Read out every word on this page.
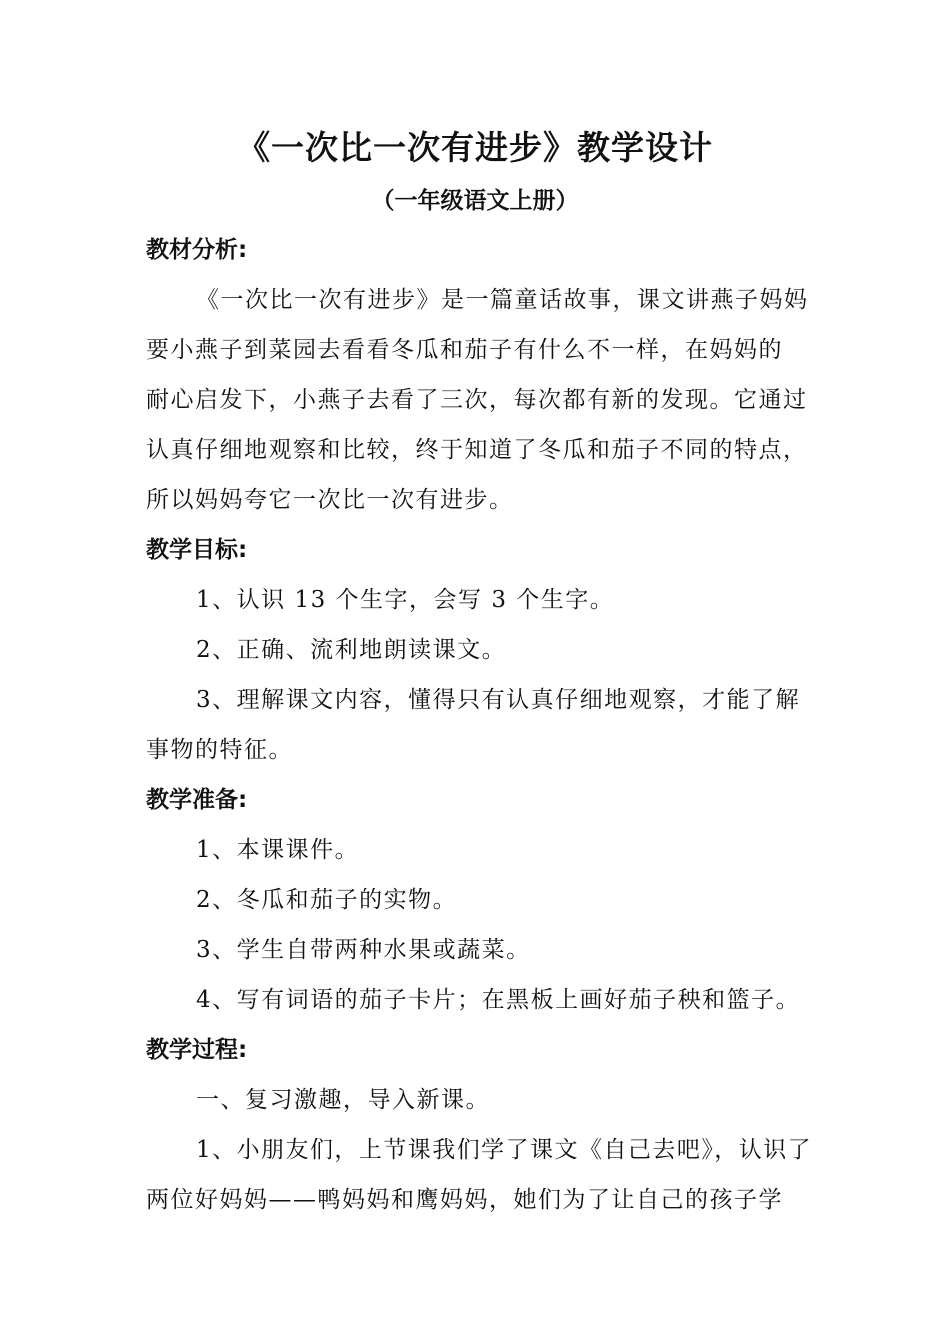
《一次比一次有进步》教学设计
（一年级语文上册）
教材分析:
《一次比一次有进步》是一篇童话故事，课文讲燕子妈妈
要小燕子到菜园去看看冬瓜和茄子有什么不一样，在妈妈的
耐心启发下，小燕子去看了三次，每次都有新的发现。它通过
认真仔细地观察和比较，终于知道了冬瓜和茄子不同的特点，
所以妈妈夸它一次比一次有进步。
教学目标:
1、认识 13 个生字，会写 3 个生字。
2、正确、流利地朗读课文。
3、理解课文内容，懂得只有认真仔细地观察，才能了解
事物的特征。
教学准备:
1、本课课件。
2、冬瓜和茄子的实物。
3、学生自带两种水果或蔬菜。
4、写有词语的茄子卡片；在黑板上画好茄子秧和篮子。
教学过程:
一、复习激趣，导入新课。
1、小朋友们，上节课我们学了课文《自己去吧》，认识了
两位好妈妈——鸭妈妈和鹰妈妈，她们为了让自己的孩子学
